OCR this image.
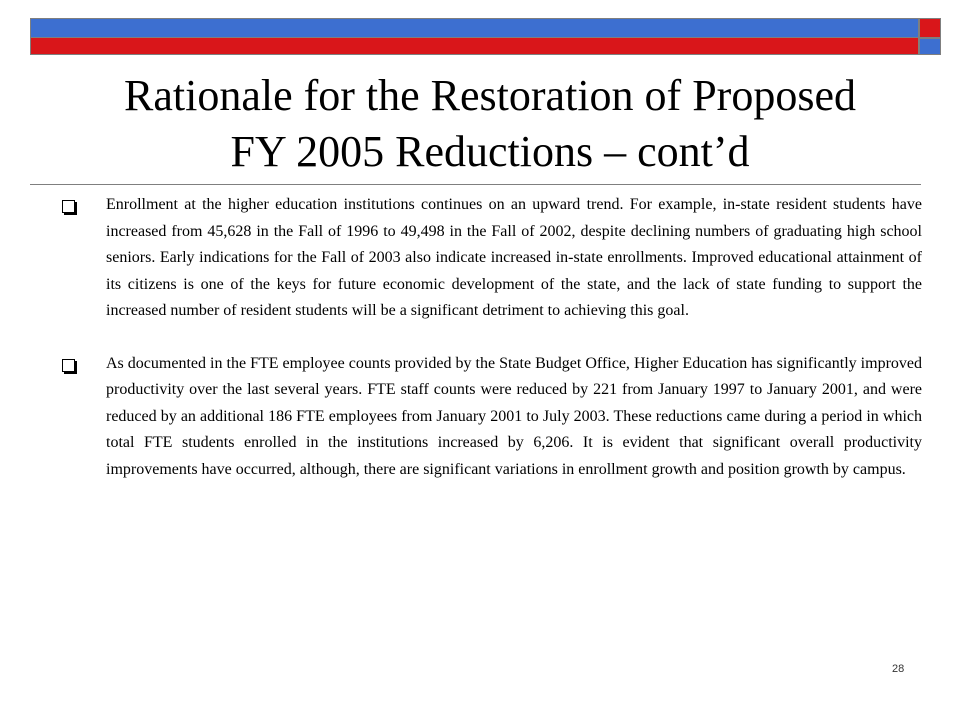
Rationale for the Restoration of Proposed
FY 2005 Reductions – cont’d
Enrollment at the higher education institutions continues on an upward trend. For example, in-state resident students have increased from 45,628 in the Fall of 1996 to 49,498 in the Fall of 2002, despite declining numbers of graduating high school seniors. Early indications for the Fall of 2003 also indicate increased in-state enrollments. Improved educational attainment of its citizens is one of the keys for future economic development of the state, and the lack of state funding to support the increased number of resident students will be a significant detriment to achieving this goal.
As documented in the FTE employee counts provided by the State Budget Office, Higher Education has significantly improved productivity over the last several years. FTE staff counts were reduced by 221 from January 1997 to January 2001, and were reduced by an additional 186 FTE employees from January 2001 to July 2003. These reductions came during a period in which total FTE students enrolled in the institutions increased by 6,206. It is evident that significant overall productivity improvements have occurred, although, there are significant variations in enrollment growth and position growth by campus.
28
